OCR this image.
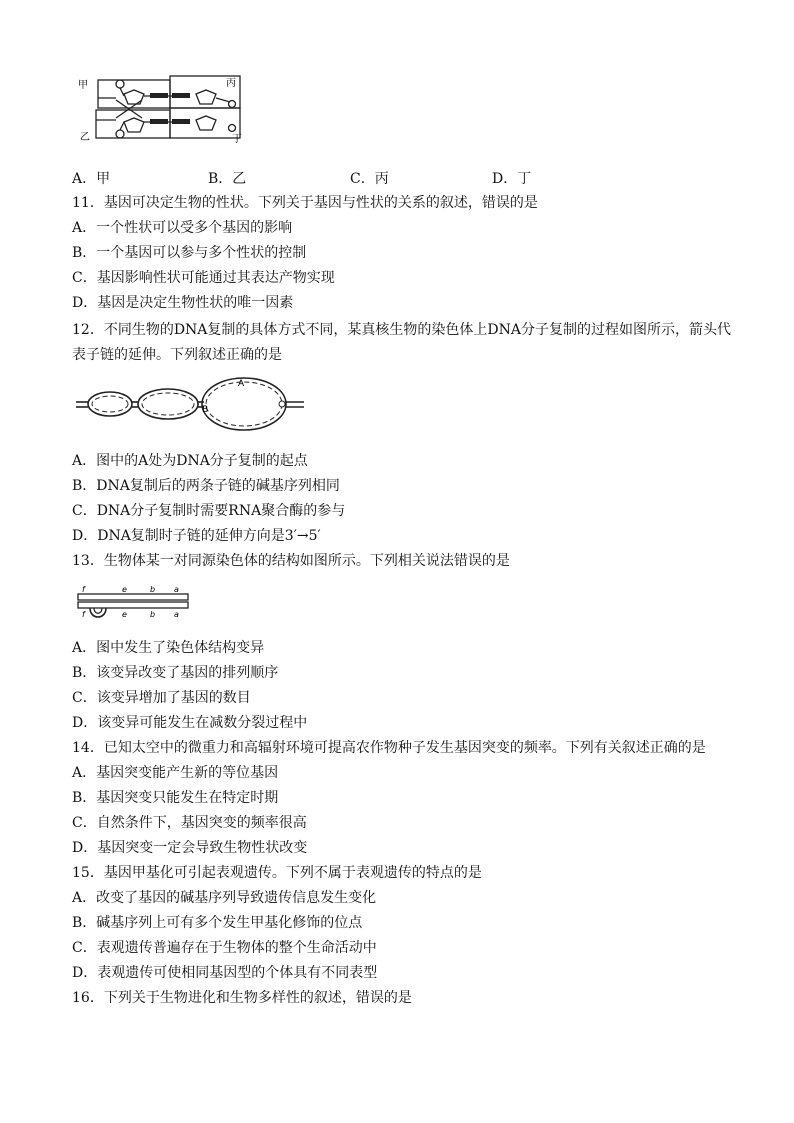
甲	丙
乙	丁
A．甲	B．乙	C．丙	D．丁
11．基因可决定生物的性状。下列关于基因与性状的关系的叙述，错误的是
A．一个性状可以受多个基因的影响
B．一个基因可以参与多个性状的控制
C．基因影响性状可能通过其表达产物实现
D．基因是决定生物性状的唯一因素
12．不同生物的DNA复制的具体方式不同，某真核生物的染色体上DNA分子复制的过程如图所示，箭头代表子链的延伸。下列叙述正确的是
A
B
A．图中的A处为DNA分子复制的起点
B．DNA复制后的两条子链的碱基序列相同
C．DNA分子复制时需要RNA聚合酶的参与
D．DNA复制时子链的延伸方向是3′→5′
13．生物体某一对同源染色体的结构如图所示。下列相关说法错误的是
f	e	b a
f	e	b a
A．图中发生了染色体结构变异
B．该变异改变了基因的排列顺序
C．该变异增加了基因的数目
D．该变异可能发生在减数分裂过程中
14．已知太空中的微重力和高辐射环境可提高农作物种子发生基因突变的频率。下列有关叙述正确的是
A．基因突变能产生新的等位基因
B．基因突变只能发生在特定时期
C．自然条件下，基因突变的频率很高
D．基因突变一定会导致生物性状改变
15．基因甲基化可引起表观遗传。下列不属于表观遗传的特点的是
A．改变了基因的碱基序列导致遗传信息发生变化
B．碱基序列上可有多个发生甲基化修饰的位点
C．表观遗传普遍存在于生物体的整个生命活动中
D．表观遗传可使相同基因型的个体具有不同表型
16．下列关于生物进化和生物多样性的叙述，错误的是
